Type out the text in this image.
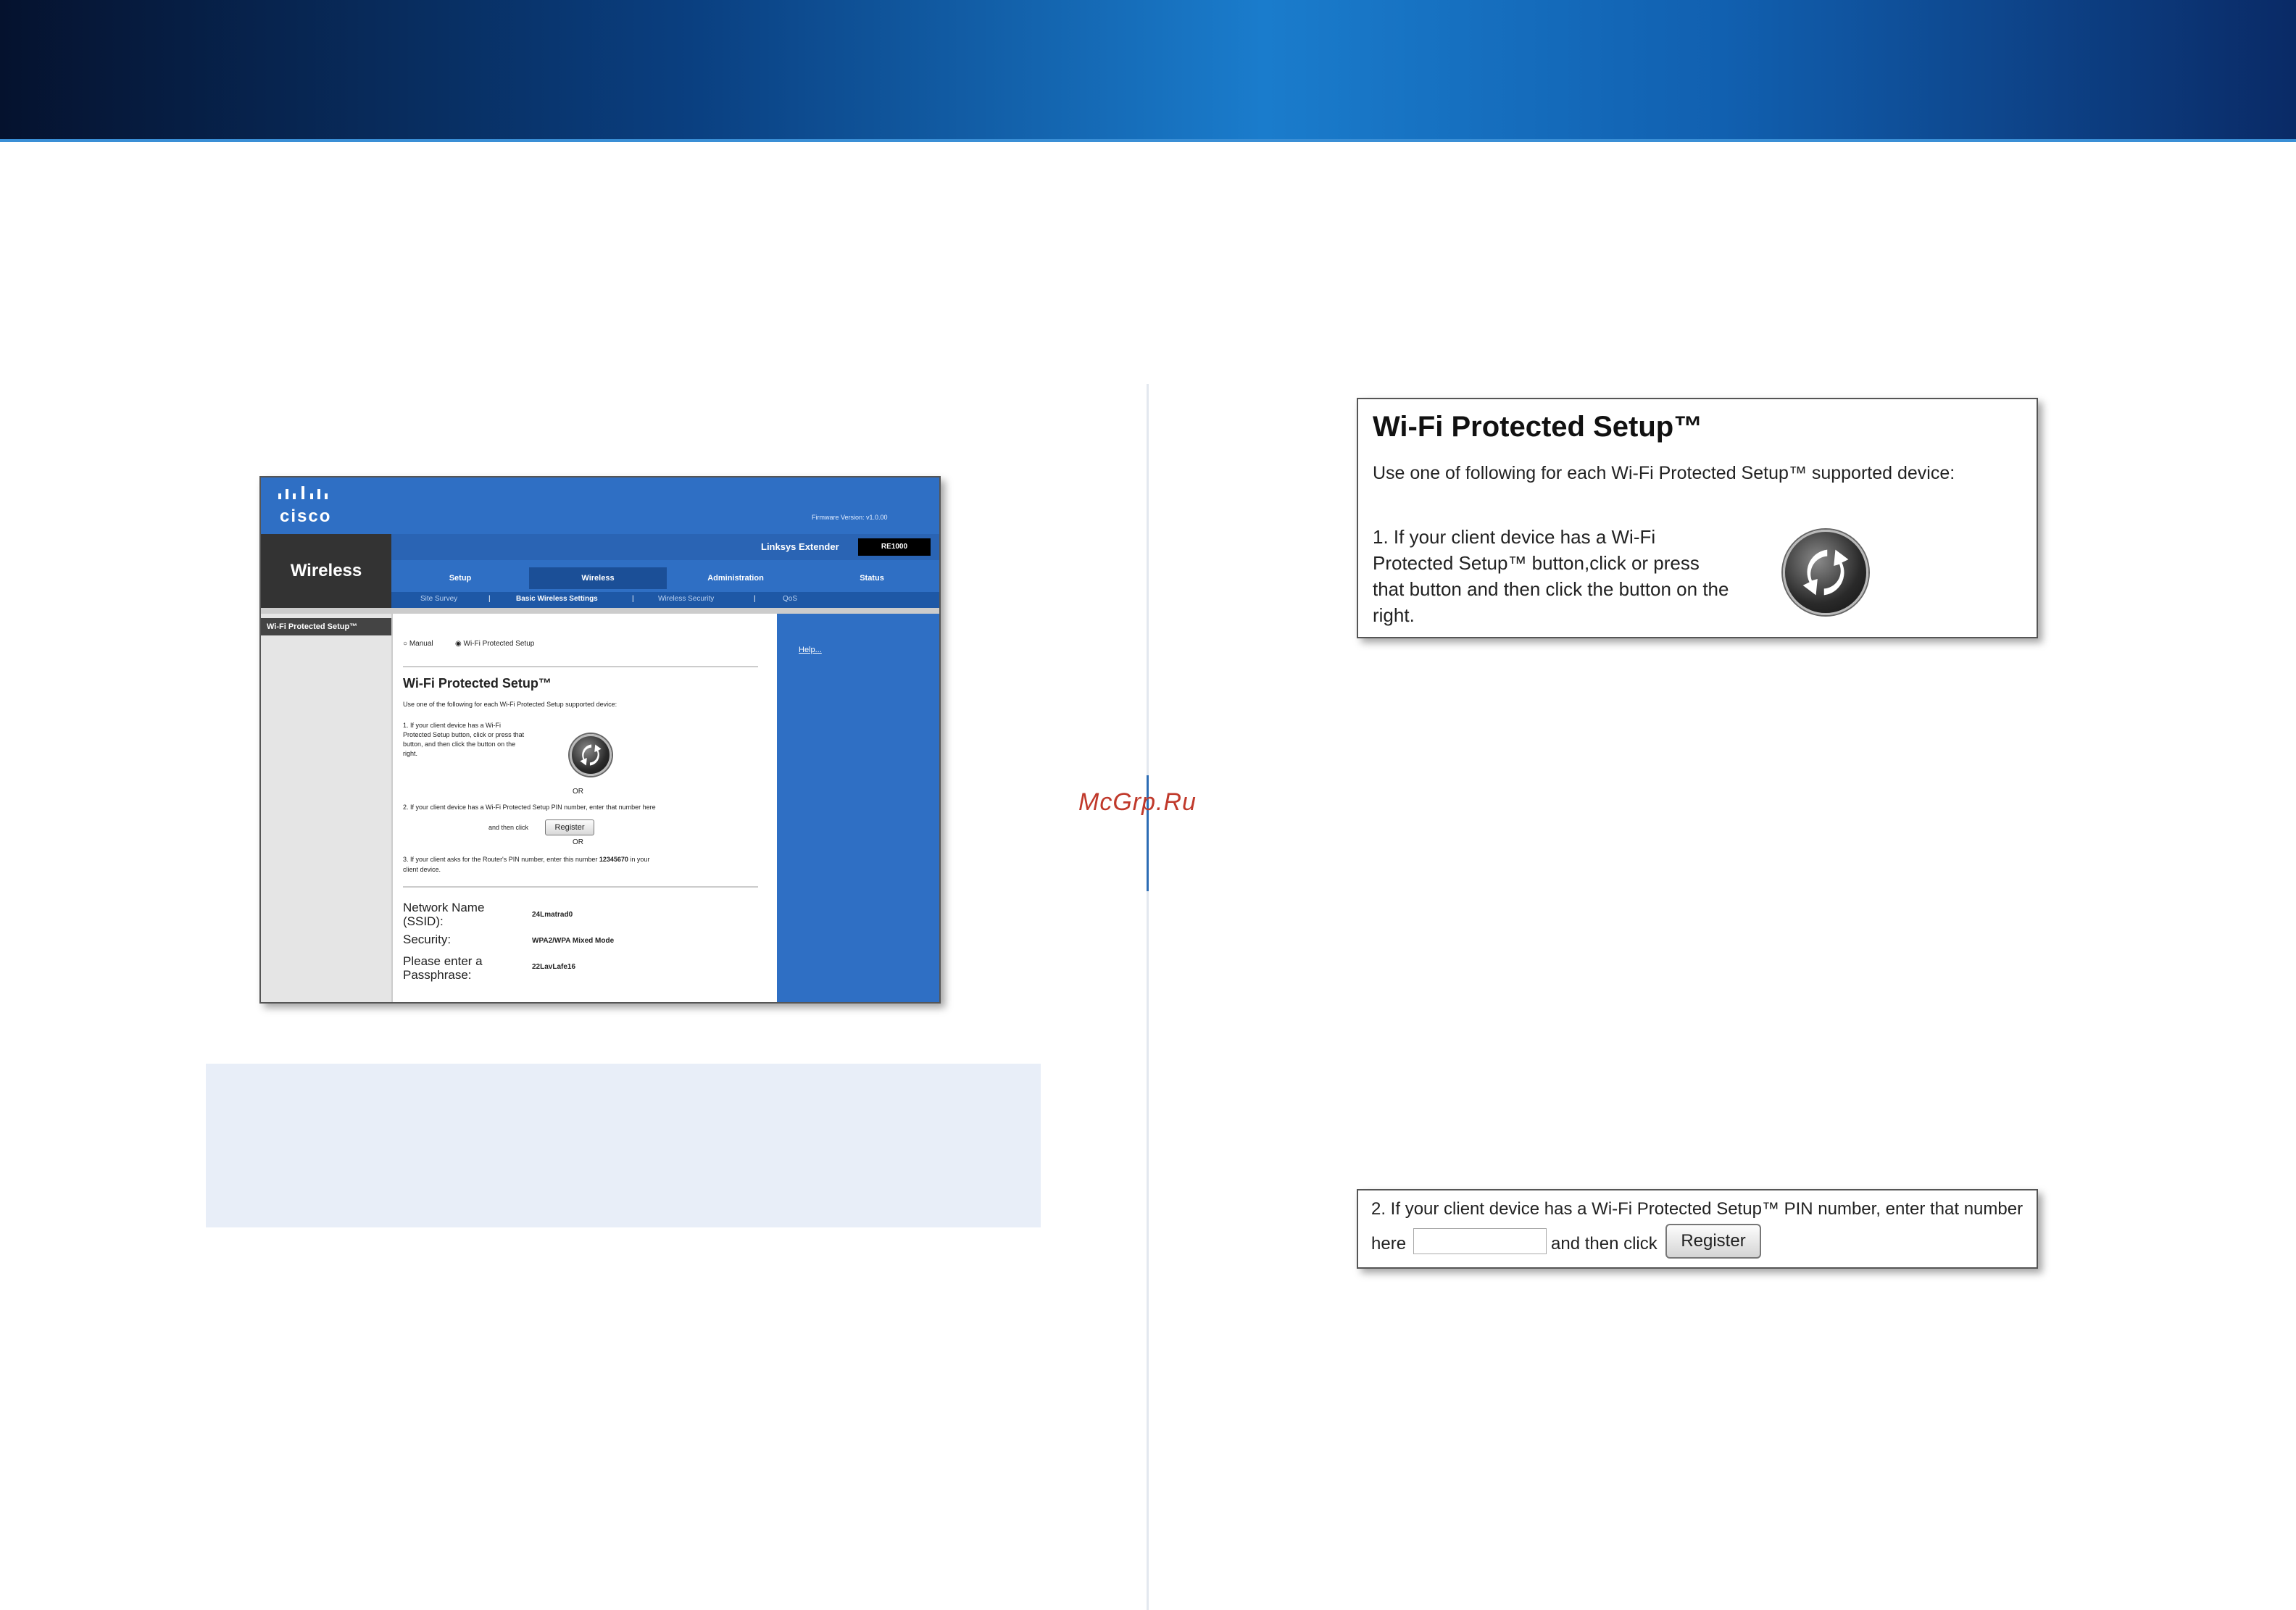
cisco	Firmware Version: v1.0.00
Wireless
Linksys Extender	RE1000
Setup	Wireless	Administration	Status
Site Survey	|	Basic Wireless Settings	|	Wireless Security	|	QoS
Wi-Fi Protected Setup™
○ Manual	◉ Wi-Fi Protected Setup
Wi-Fi Protected Setup™
Use one of the following for each Wi-Fi Protected Setup supported device:
1. If your client device has a Wi-Fi
Protected Setup button, click or press that
button, and then click the button on the
right.
OR
2. If your client device has a Wi-Fi Protected Setup PIN number, enter that number here
and then click	Register
OR
3. If your client asks for the Router's PIN number, enter this number 12345670 in your
client device.
Network Name (SSID):	24Lmatrad0
Security:	WPA2/WPA Mixed Mode
Please enter a Passphrase:
22LavLafe16
Help...
McGrp.Ru
Wi-Fi Protected Setup™
Use one of following for each Wi-Fi Protected Setup™ supported device:
1. If your client device has a Wi-Fi
Protected Setup™ button,click or press
that button and then click the button on the
right.
2. If your client device has a Wi-Fi Protected Setup™ PIN number, enter that number
here	and then click	Register
